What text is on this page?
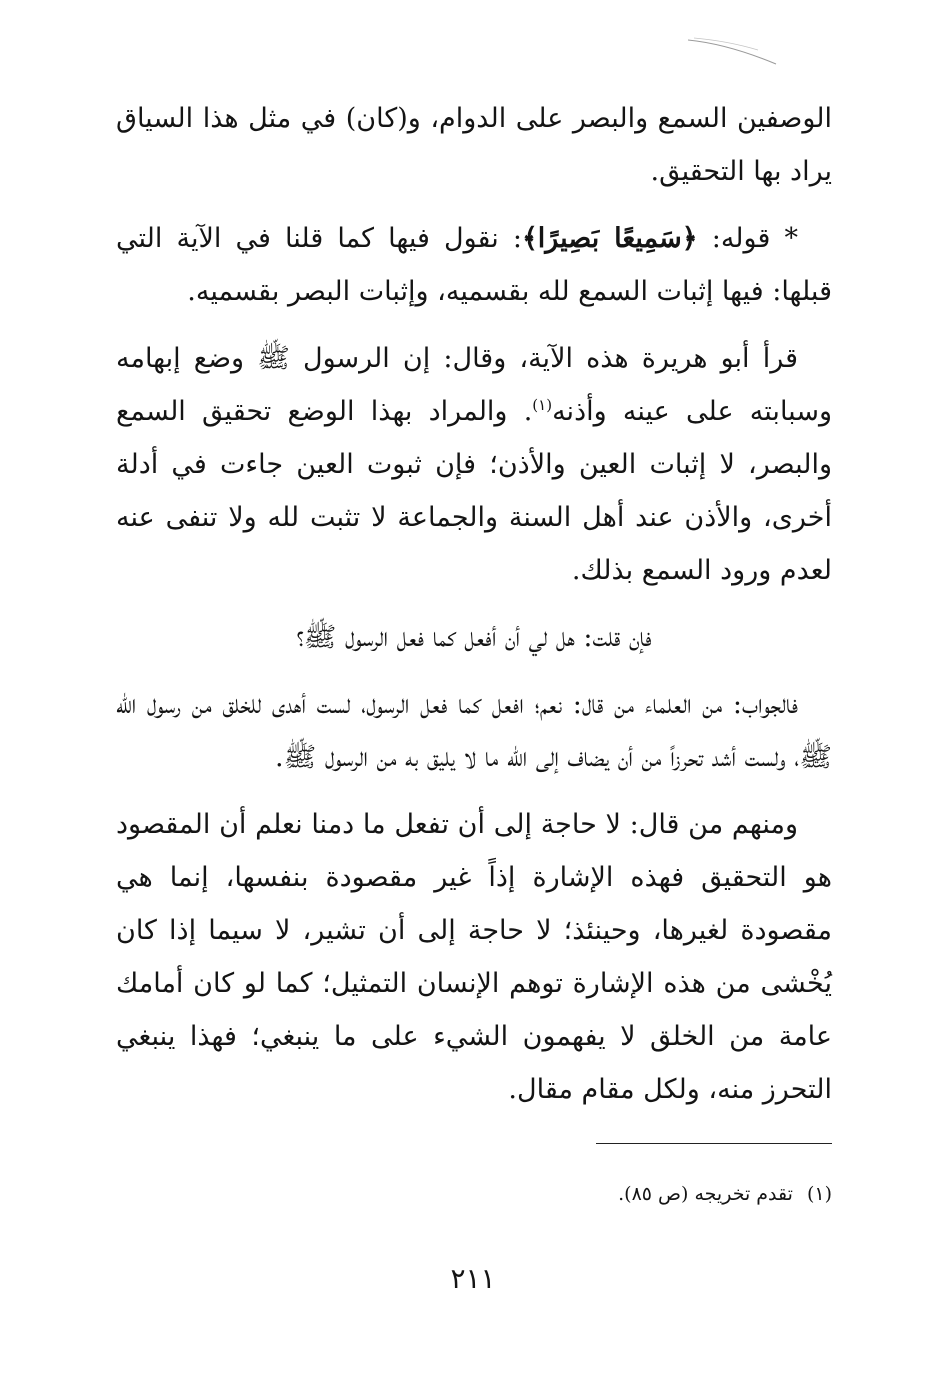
الوصفين السمع والبصر على الدوام، و(كان) في مثل هذا السياق يراد بها التحقيق.

* قوله: ﴿سَمِيعًا بَصِيرًا﴾: نقول فيها كما قلنا في الآية التي قبلها: فيها إثبات السمع لله بقسميه، وإثبات البصر بقسميه.

قرأ أبو هريرة هذه الآية، وقال: إن الرسول ﷺ وضع إبهامه وسبابته على عينه وأذنه$^{(١)}$. والمراد بهذا الوضع تحقيق السمع والبصر، لا إثبات العين والأذن؛ فإن ثبوت العين جاءت في أدلة أخرى، والأذن عند أهل السنة والجماعة لا تثبت لله ولا تنفى عنه لعدم ورود السمع بذلك.

فإن قلت: هل لي أن أفعل كما فعل الرسول ﷺ؟

فالجواب: من العلماء من قال: نعم؛ افعل كما فعل الرسول، لست أهدى للخلق من رسول الله ﷺ، ولست أشد تحرزاً من أن يضاف إلى الله ما لا يليق به من الرسول ﷺ.

ومنهم من قال: لا حاجة إلى أن تفعل ما دمنا نعلم أن المقصود هو التحقيق فهذه الإشارة إذاً غير مقصودة بنفسها، إنما هي مقصودة لغيرها، وحينئذ؛ لا حاجة إلى أن تشير، لا سيما إذا كان يُخْشى من هذه الإشارة توهم الإنسان التمثيل؛ كما لو كان أمامك عامة من الخلق لا يفهمون الشيء على ما ينبغي؛ فهذا ينبغي التحرز منه، ولكل مقام مقال.

(١)تقدم تخريجه (ص ٨٥).
٢١١
